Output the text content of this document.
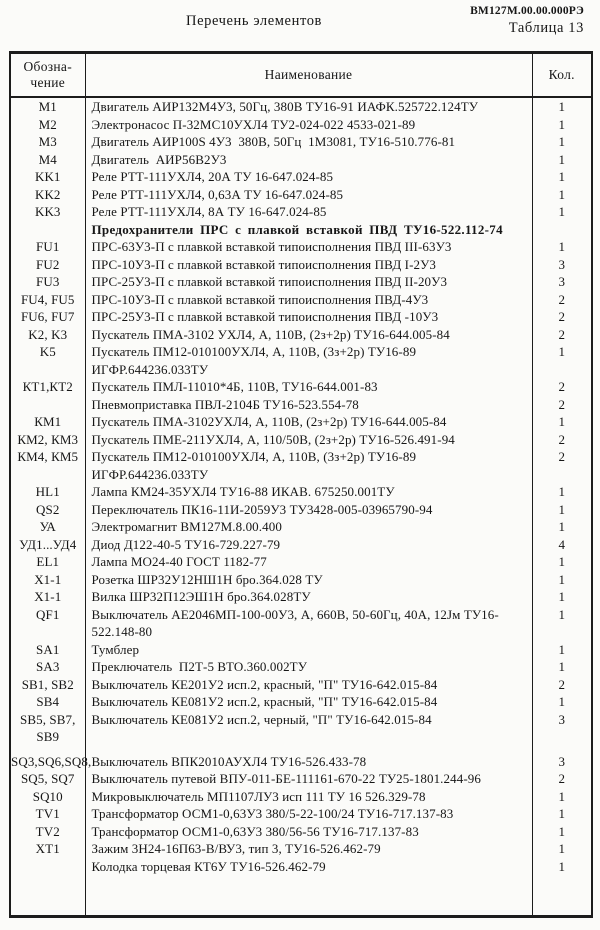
Перечень элементов
ВМ127М.00.00.000РЭ
Таблица 13
Обозна-
чение	Наименование	Кол.
M1	Двигатель АИР132М4У3, 50Гц, 380В ТУ16-91 ИАФК.525722.124ТУ	1
M2	Электронасос П-32МС10УХЛ4 ТУ2-024-022 4533-021-89	1
M3	Двигатель АИР100S 4У3  380В, 50Гц  1М3081, ТУ16-510.776-81	1
M4	Двигатель  АИР56В2У3	1
KK1	Реле РТТ-111УХЛ4, 20А ТУ 16-647.024-85	1
KK2	Реле РТТ-111УХЛ4, 0,63А ТУ 16-647.024-85	1
KK3	Реле РТТ-111УХЛ4, 8А ТУ 16-647.024-85	1
	Предохранители ПРС с плавкой вставкой ПВД ТУ16-522.112-74	
FU1	ПРС-63У3-П с плавкой вставкой типоисполнения ПВД III-63У3	1
FU2	ПРС-10У3-П с плавкой вставкой типоисполнения ПВД I-2У3	3
FU3	ПРС-25У3-П с плавкой вставкой типоисполнения ПВД II-20У3	3
FU4, FU5	ПРС-10У3-П с плавкой вставкой типоисполнения ПВД-4У3	2
FU6, FU7	ПРС-25У3-П с плавкой вставкой типоисполнения ПВД -10У3	2
K2, K3	Пускатель ПМА-3102 УХЛ4, А, 110В, (2з+2р) ТУ16-644.005-84	2
K5	Пускатель ПМ12-010100УХЛ4, А, 110В, (3з+2р) ТУ16-89	1
	ИГФР.644236.033ТУ	
КТ1,КТ2	Пускатель ПМЛ-11010*4Б, 110В, ТУ16-644.001-83	2
	Пневмоприставка ПВЛ-2104Б ТУ16-523.554-78	2
КМ1	Пускатель ПМА-3102УХЛ4, А, 110В, (2з+2р) ТУ16-644.005-84	1
КМ2, КМ3	Пускатель ПМЕ-211УХЛ4, А, 110/50В, (2з+2р) ТУ16-526.491-94	2
КМ4, КМ5	Пускатель ПМ12-010100УХЛ4, А, 110В, (3з+2р) ТУ16-89	2
	ИГФР.644236.033ТУ	
HL1	Лампа КМ24-35УХЛ4 ТУ16-88 ИКАВ. 675250.001ТУ	1
QS2	Переключатель ПК16-11И-2059У3 ТУ3428-005-03965790-94	1
УА	Электромагнит ВМ127М.8.00.400	1
УД1...УД4	Диод Д122-40-5 ТУ16-729.227-79	4
EL1	Лампа МО24-40 ГОСТ 1182-77	1
X1-1	Розетка ШР32У12НШ1Н бро.364.028 ТУ	1
X1-1	Вилка ШР32П12ЭШ1Н бро.364.028ТУ	1
QF1	Выключатель АЕ2046МП-100-00У3, А, 660В, 50-60Гц, 40А, 12Jм ТУ16-	1
	522.148-80	
SA1	Тумблер	1
SA3	Преключатель  П2Т-5 ВТО.360.002ТУ	1
SB1, SB2	Выключатель КЕ201У2 исп.2, красный, "П" ТУ16-642.015-84	2
SB4	Выключатель КЕ081У2 исп.2, красный, "П" ТУ16-642.015-84	1
SB5, SB7,	Выключатель КЕ081У2 исп.2, черный, "П" ТУ16-642.015-84	3
SB9		

SQ3,SQ6,SQ8,	Выключатель ВПК2010АУХЛ4 ТУ16-526.433-78	3
SQ5, SQ7	Выключатель путевой ВПУ-011-БЕ-111161-670-22 ТУ25-1801.244-96	2
SQ10	Микровыключатель МП1107ЛУ3 исп 111 ТУ 16 526.329-78	1
TV1	Трансформатор ОСМ1-0,63У3 380/5-22-100/24 ТУ16-717.137-83	1
TV2	Трансформатор ОСМ1-0,63У3 380/56-56 ТУ16-717.137-83	1
XT1	Зажим 3Н24-16П63-В/ВУ3, тип 3, ТУ16-526.462-79	1
	Колодка торцевая КТ6У ТУ16-526.462-79	1
